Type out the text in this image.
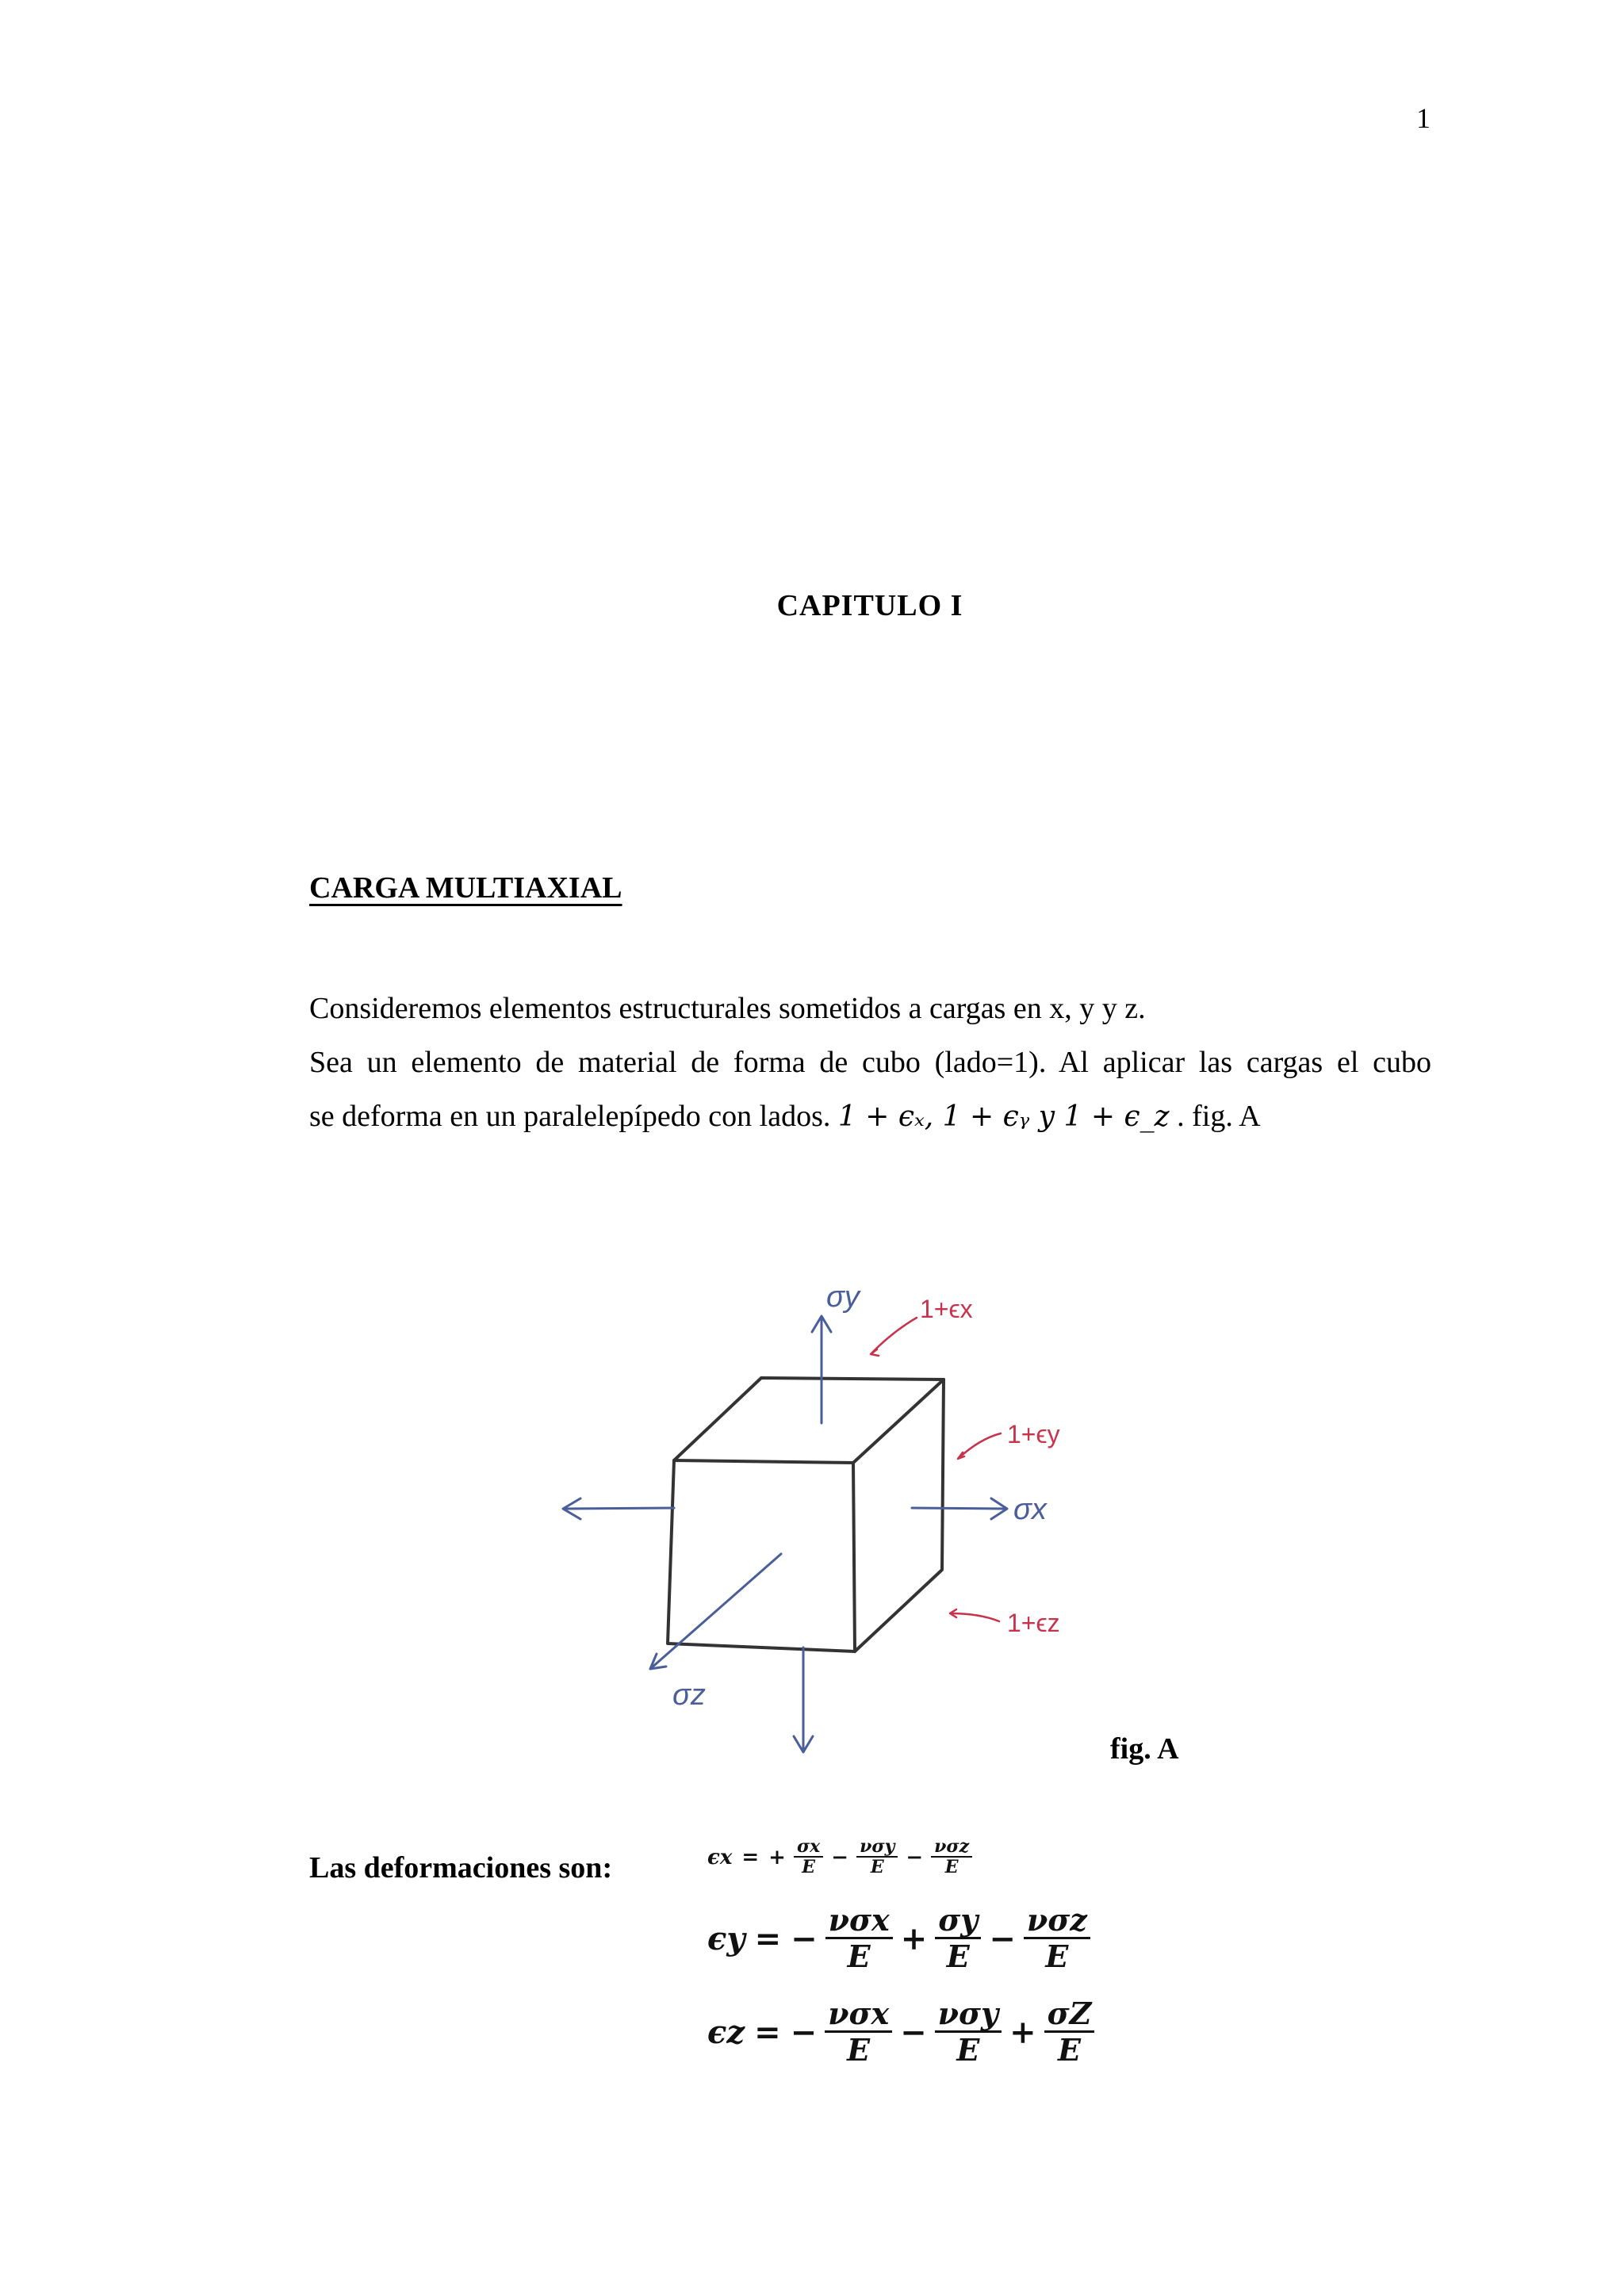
1
CAPITULO I
CARGA MULTIAXIAL
Consideremos elementos estructurales sometidos a cargas en x, y y z.
Sea un elemento de material de forma de cubo (lado=1). Al aplicar las cargas el cubo
se deforma en un paralelepípedo con lados. 1 + ϵₓ, 1 + ϵᵧ y 1 + ϵ_z . fig. A
σy
σx
σz
1+ϵx
1+ϵy
1+ϵz
fig. A
Las deformaciones son:	ϵx = + $\frac{\sigma x}{E} - \frac{\text{νσy}}{E} - \frac{\text{νσz}}{E}$
ϵy = − $\frac{\text{νσx}}{E} + \frac{\sigma y}{E} - \frac{\text{νσz}}{E}$
ϵz = − $\frac{\text{νσx}}{E} - \frac{\text{νσy}}{E} + \frac{\sigma Z}{E}$
